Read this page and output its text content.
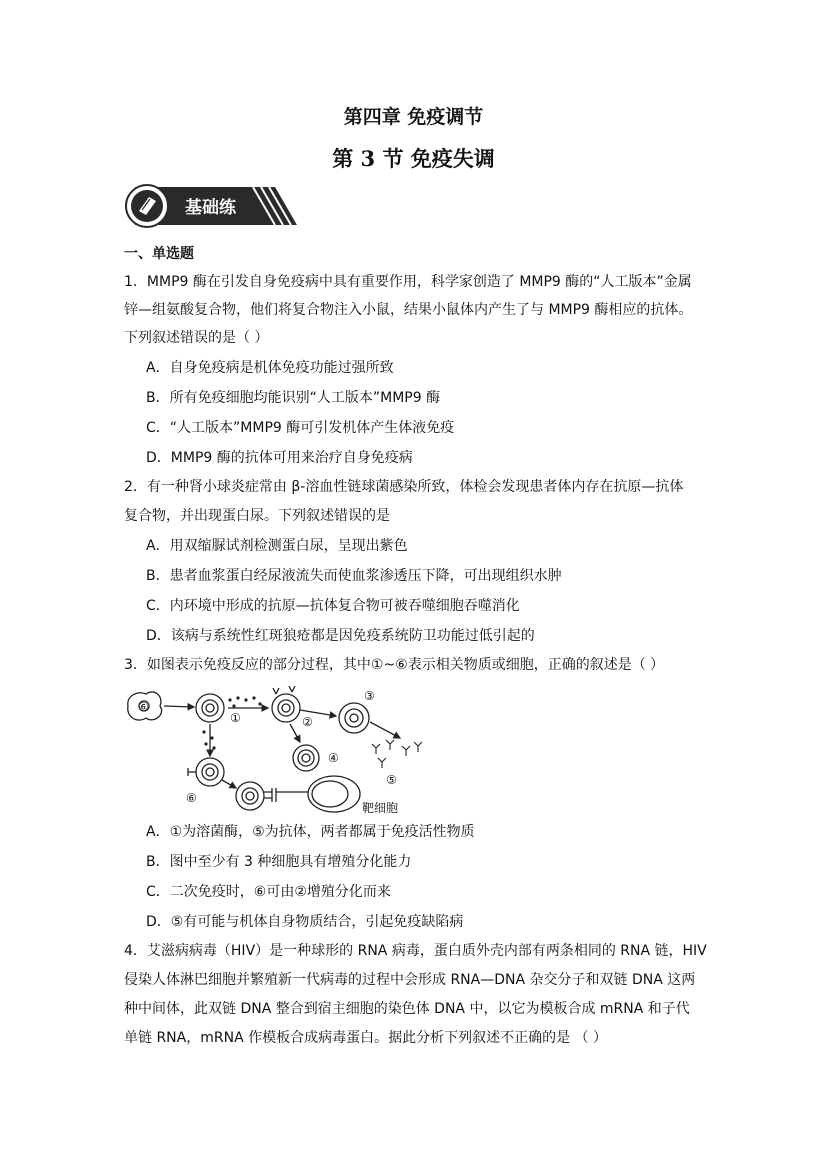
第四章 免疫调节
第 3 节 免疫失调
基础练
一、单选题
1．MMP9 酶在引发自身免疫病中具有重要作用，科学家创造了 MMP9 酶的“人工版本”金属
锌—组氨酸复合物，他们将复合物注入小鼠，结果小鼠体内产生了与 MMP9 酶相应的抗体。
下列叙述错误的是（ ）
A．自身免疫病是机体免疫功能过强所致
B．所有免疫细胞均能识别“人工版本”MMP9 酶
C．“人工版本”MMP9 酶可引发机体产生体液免疫
D．MMP9 酶的抗体可用来治疗自身免疫病
2．有一种肾小球炎症常由 β-溶血性链球菌感染所致，体检会发现患者体内存在抗原—抗体
复合物，并出现蛋白尿。下列叙述错误的是
A．用双缩脲试剂检测蛋白尿，呈现出紫色
B．患者血浆蛋白经尿液流失而使血浆渗透压下降，可出现组织水肿
C．内环境中形成的抗原—抗体复合物可被吞噬细胞吞噬消化
D．该病与系统性红斑狼疮都是因免疫系统防卫功能过低引起的
3．如图表示免疫反应的部分过程，其中①~⑥表示相关物质或细胞，正确的叙述是（ ）
⑥
①	②
③
④
⑤
⑥
靶细胞
A．①为溶菌酶，⑤为抗体，两者都属于免疫活性物质
B．图中至少有 3 种细胞具有增殖分化能力
C．二次免疫时，⑥可由②增殖分化而来
D．⑤有可能与机体自身物质结合，引起免疫缺陷病
4．艾滋病病毒（HIV）是一种球形的 RNA 病毒，蛋白质外壳内部有两条相同的 RNA 链，HIV
侵染人体淋巴细胞并繁殖新一代病毒的过程中会形成 RNA—DNA 杂交分子和双链 DNA 这两
种中间体，此双链 DNA 整合到宿主细胞的染色体 DNA 中，以它为模板合成 mRNA 和子代
单链 RNA，mRNA 作模板合成病毒蛋白。据此分析下列叙述不正确的是 （ ）
